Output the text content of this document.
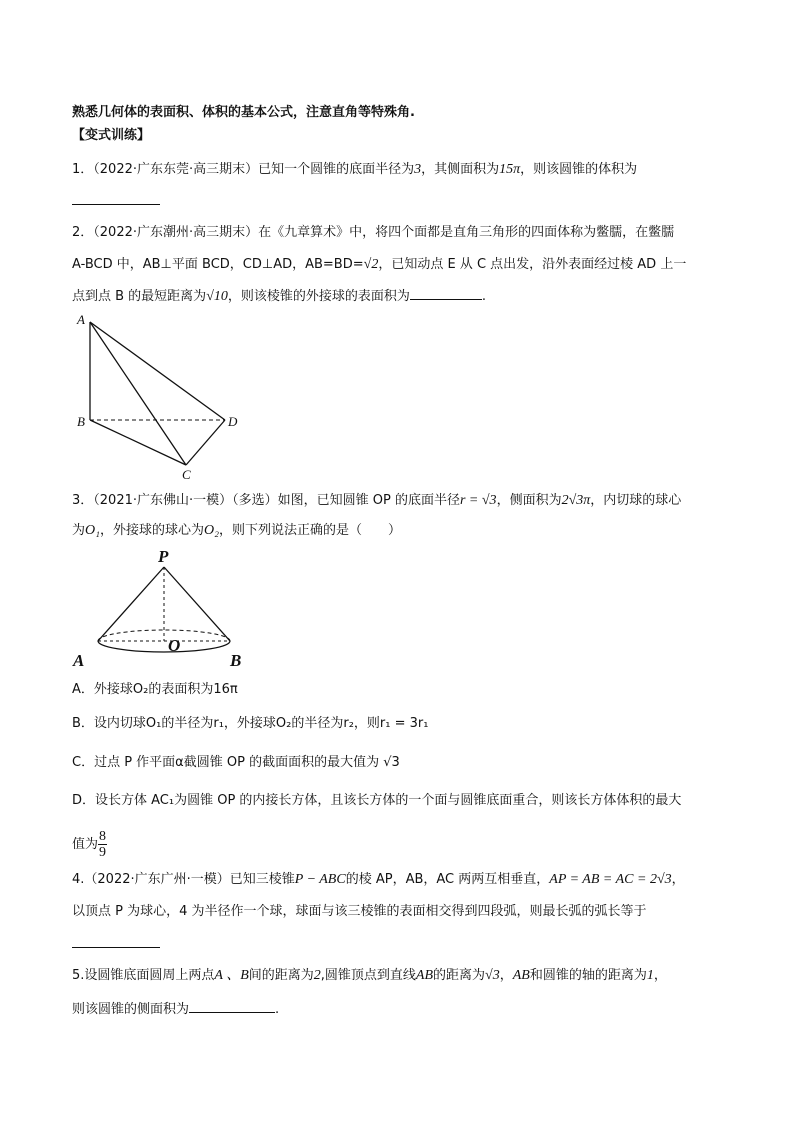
熟悉几何体的表面积、体积的基本公式，注意直角等特殊角.
【变式训练】
1．（2022·广东东莞·高三期末）已知一个圆锥的底面半径为3，其侧面积为15π，则该圆锥的体积为
2．（2022·广东潮州·高三期末）在《九章算术》中，将四个面都是直角三角形的四面体称为鳖臑，在鳖臑
A-BCD 中，AB⊥平面 BCD，CD⊥AD，AB=BD=√2，已知动点 E 从 C 点出发，沿外表面经过棱 AD 上一
点到点 B 的最短距离为√10，则该棱锥的外接球的表面积为	.
A
B
C
D
3．（2021·广东佛山·一模）（多选）如图，已知圆锥 OP 的底面半径r = √3，侧面积为2√3π，内切球的球心
为O₁，外接球的球心为O₂，则下列说法正确的是（　　）
P
O
A	B
A．外接球O₂的表面积为16π
B．设内切球O₁的半径为r₁，外接球O₂的半径为r₂，则r₁ = 3r₁
C．过点 P 作平面α截圆锥 OP 的截面面积的最大值为 √3
D．设长方体 AC₁为圆锥 OP 的内接长方体，且该长方体的一个面与圆锥底面重合，则该长方体体积的最大
值为 $\frac{8}{9}$
4.（2022·广东广州·一模）已知三棱锥P − ABC的棱 AP，AB，AC 两两互相垂直，AP = AB = AC = 2√3，
以顶点 P 为球心，4 为半径作一个球，球面与该三棱锥的表面相交得到四段弧，则最长弧的弧长等于
5.设圆锥底面圆周上两点A 、B间的距离为2,圆锥顶点到直线AB的距离为√3，AB和圆锥的轴的距离为1，
则该圆锥的侧面积为	.
